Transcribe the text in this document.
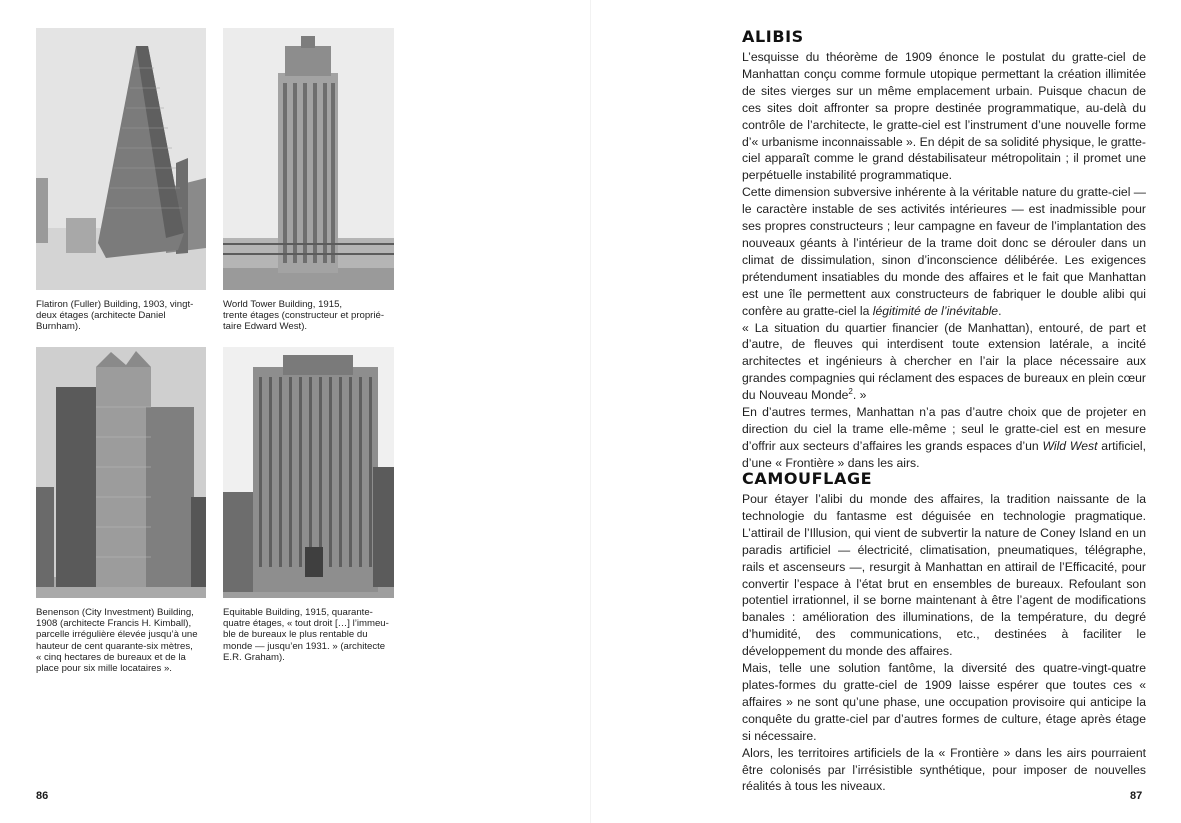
Flatiron (Fuller) Building, 1903, vingt-
deux étages (architecte Daniel
Burnham).
World Tower Building, 1915,
trente étages (constructeur et proprié-
taire Edward West).
Benenson (City Investment) Building,
1908 (architecte Francis H. Kimball),
parcelle irrégulière élevée jusqu’à une
hauteur de cent quarante-six mètres,
« cinq hectares de bureaux et de la
place pour six mille locataires ».
Equitable Building, 1915, quarante-
quatre étages, « tout droit […] l’immeu-
ble de bureaux le plus rentable du
monde — jusqu’en 1931. » (architecte
E.R. Graham).
86
ALIBIS

L’esquisse du théorème de 1909 énonce le postulat du gratte-ciel de Manhattan conçu comme formule utopique permettant la création illimitée de sites vierges sur un même emplacement urbain. Puisque chacun de ces sites doit affronter sa propre destinée programmatique, au-delà du contrôle de l’architecte, le gratte-ciel est l’instrument d’une nouvelle forme d’« urbanisme inconnaissable ». En dépit de sa solidité physique, le gratte-ciel apparaît comme le grand déstabilisateur métropolitain ; il promet une perpétuelle instabilité programmatique.

Cette dimension subversive inhérente à la véritable nature du gratte-ciel — le caractère instable de ses activités intérieures — est inadmissible pour ses propres constructeurs ; leur campagne en faveur de l’implantation des nouveaux géants à l’intérieur de la trame doit donc se dérouler dans un climat de dissimulation, sinon d’inconscience délibérée. Les exigences prétendument insatiables du monde des affaires et le fait que Manhattan est une île permettent aux constructeurs de fabriquer le double alibi qui confère au gratte-ciel la légitimité de l’inévitable.

« La situation du quartier financier (de Manhattan), entouré, de part et d’autre, de fleuves qui interdisent toute extension latérale, a incité architectes et ingénieurs à chercher en l’air la place nécessaire aux grandes compagnies qui réclament des espaces de bureaux en plein cœur du Nouveau Monde$^2$. »

En d’autres termes, Manhattan n’a pas d’autre choix que de projeter en direction du ciel la trame elle-même ; seul le gratte-ciel est en mesure d’offrir aux secteurs d’affaires les grands espaces d’un Wild West artificiel, d’une « Frontière » dans les airs.

CAMOUFLAGE

Pour étayer l’alibi du monde des affaires, la tradition naissante de la technologie du fantasme est déguisée en technologie pragmatique. L’attirail de l’Illusion, qui vient de subvertir la nature de Coney Island en un paradis artificiel — électricité, climatisation, pneumatiques, télégraphe, rails et ascenseurs —, resurgit à Manhattan en attirail de l’Efficacité, pour convertir l’espace à l’état brut en ensembles de bureaux. Refoulant son potentiel irrationnel, il se borne maintenant à être l’agent de modifications banales : amélioration des illuminations, de la température, du degré d’humidité, des communications, etc., destinées à faciliter le développement du monde des affaires.

Mais, telle une solution fantôme, la diversité des quatre-vingt-quatre plates-formes du gratte-ciel de 1909 laisse espérer que toutes ces « affaires » ne sont qu’une phase, une occupation provisoire qui anticipe la conquête du gratte-ciel par d’autres formes de culture, étage après étage si nécessaire.

Alors, les territoires artificiels de la « Frontière » dans les airs pourraient être colonisés par l’irrésistible synthétique, pour imposer de nouvelles réalités à tous les niveaux.

87
